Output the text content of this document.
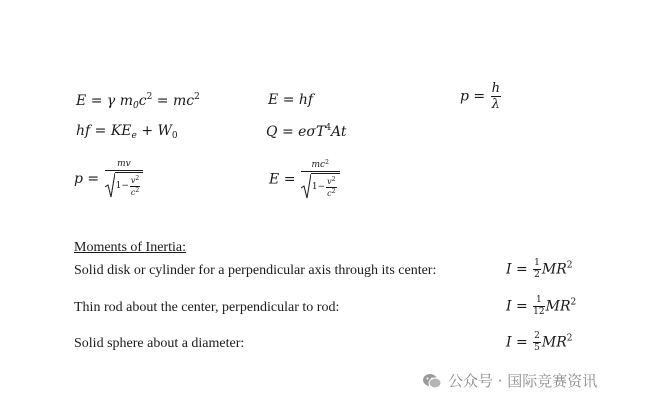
E = γ $m_0c^2 = mc^2$	E = hf	$p = \frac{h}{\lambda}$
hf = $KE_e + W_0$	Q = eσT$^4$At
$p = \frac{mv}{1- \frac{v^2}{c^2}}$	$E = \frac{mc^2}{1- \frac{v^2}{c^2}}$
Moments of Inertia:
Solid disk or cylinder for a perpendicular axis through its center:	$I = \frac{1}{2} MR^2$
Thin rod about the center, perpendicular to rod:	$I = \frac{1}{12} MR^2$
Solid sphere about a diameter:	$I = \frac{2}{5} MR^2$
公众号 · 国际竞赛资讯
